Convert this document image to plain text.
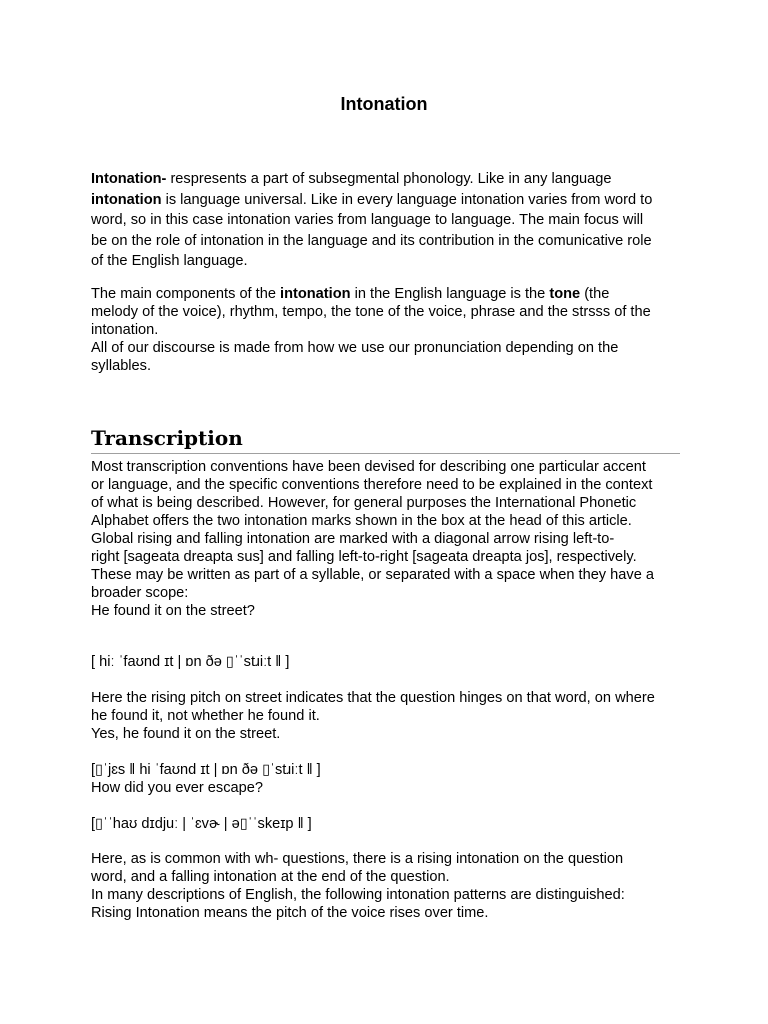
Intonation

Intonation- respresents a part of subsegmental phonology. Like in any language
intonation is language universal. Like in every language intonation varies from word to
word, so in this case intonation varies from language to language. The main focus will
be on the role of intonation in the language and its contribution in the comunicative role
of the English language.

The main components of the intonation in the English language is the tone (the
melody of the voice), rhythm, tempo, the tone of the voice, phrase and the strsss of the
intonation.
All of our discourse is made from how we use our pronunciation depending on the
syllables.

Transcription

Most transcription conventions have been devised for describing one particular accent
or language, and the specific conventions therefore need to be explained in the context
of what is being described. However, for general purposes the International Phonetic
Alphabet offers the two intonation marks shown in the box at the head of this article.
Global rising and falling intonation are marked with a diagonal arrow rising left-to-
right [sageata dreapta sus] and falling left-to-right [sageata dreapta jos], respectively.
These may be written as part of a syllable, or separated with a space when they have a
broader scope:
He found it on the street?

[ hiː ˈfaʊnd ɪt | ɒn ðə ▯ˈˈstɹiːt ‖ ]
Here the rising pitch on street indicates that the question hinges on that word, on where
he found it, not whether he found it.
Yes, he found it on the street.
[▯ˈjɛs ‖ hi ˈfaʊnd ɪt | ɒn ðə ▯ˈstɹiːt ‖ ]
How did you ever escape?
[▯ˈˈhaʊ dɪdjuː | ˈɛvɚ | ə▯ˈˈskeɪp ‖ ]
Here, as is common with wh- questions, there is a rising intonation on the question
word, and a falling intonation at the end of the question.
In many descriptions of English, the following intonation patterns are distinguished:
Rising Intonation means the pitch of the voice rises over time.
